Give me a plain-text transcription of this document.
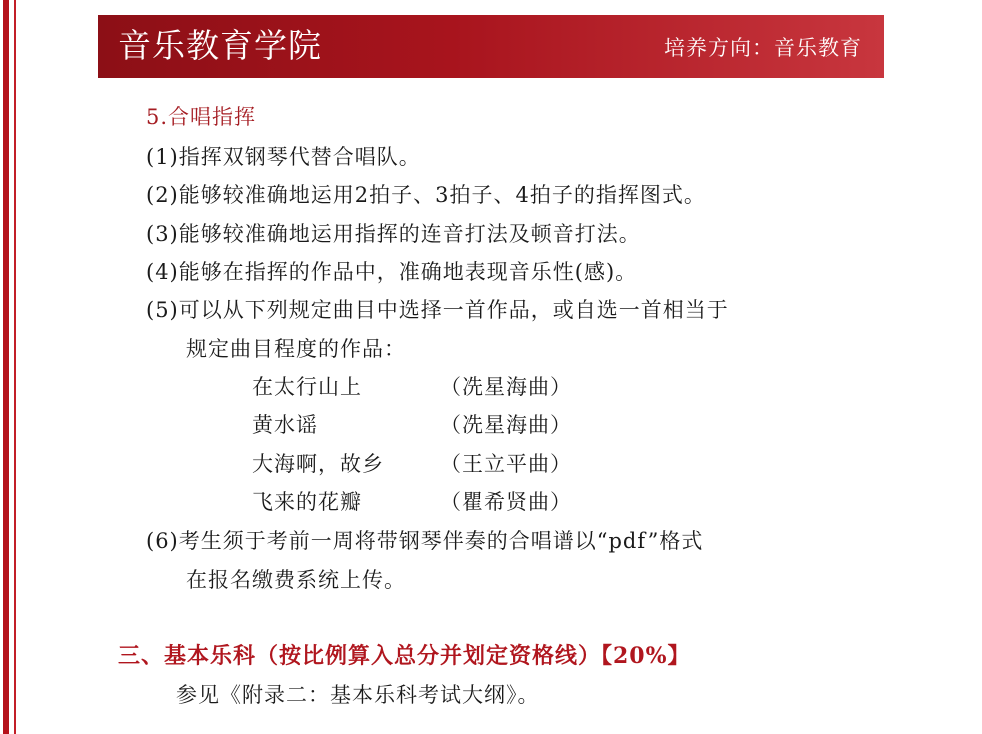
音乐教育学院	培养方向：音乐教育
5.合唱指挥
(1)指挥双钢琴代替合唱队。
(2)能够较准确地运用2拍子、3拍子、4拍子的指挥图式。
(3)能够较准确地运用指挥的连音打法及顿音打法。
(4)能够在指挥的作品中，准确地表现音乐性(感)。
(5)可以从下列规定曲目中选择一首作品，或自选一首相当于
规定曲目程度的作品：
在太行山上	（冼星海曲）
黄水谣	（冼星海曲）
大海啊，故乡	（王立平曲）
飞来的花瓣	（瞿希贤曲）
(6)考生须于考前一周将带钢琴伴奏的合唱谱以“pdf”格式
在报名缴费系统上传。
三、基本乐科（按比例算入总分并划定资格线）【20%】
参见《附录二：基本乐科考试大纲》。
